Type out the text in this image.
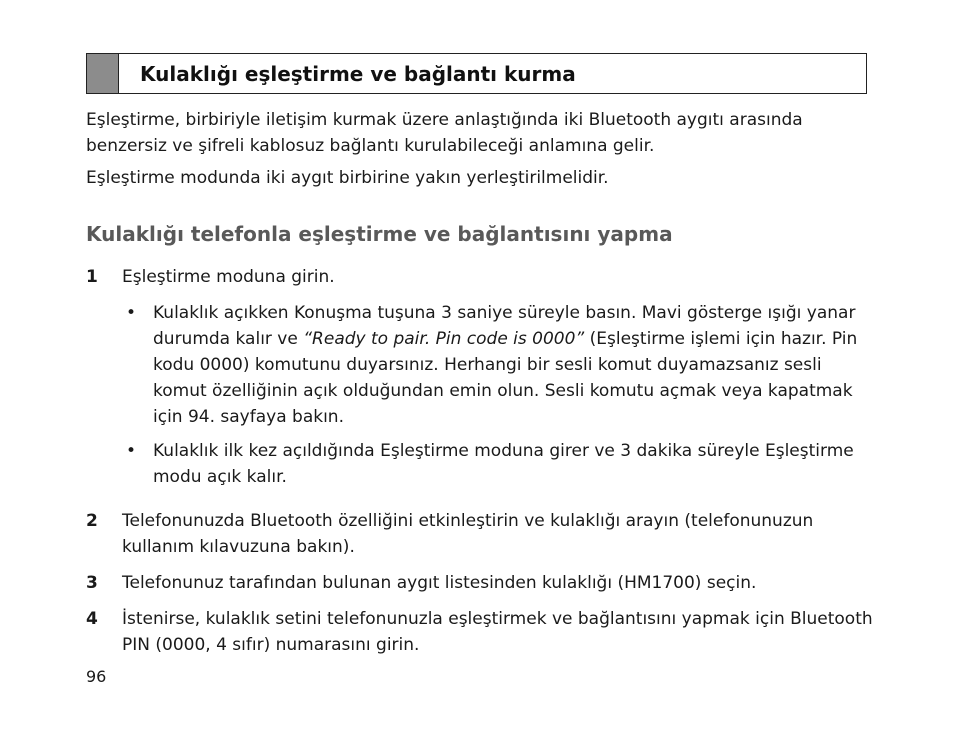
Kulaklığı eşleştirme ve bağlantı kurma

Eşleştirme, birbiriyle iletişim kurmak üzere anlaştığında iki Bluetooth aygıtı arasında benzersiz ve şifreli kablosuz bağlantı kurulabileceği anlamına gelir.

Eşleştirme modunda iki aygıt birbirine yakın yerleştirilmelidir.

Kulaklığı telefonla eşleştirme ve bağlantısını yapma
1	Eşleştirme moduna girin.
• Kulaklık açıkken Konuşma tuşuna 3 saniye süreyle basın. Mavi gösterge ışığı yanar durumda kalır ve “Ready to pair. Pin code is 0000” (Eşleştirme işlemi için hazır. Pin kodu 0000) komutunu duyarsınız. Herhangi bir sesli komut duyamazsanız sesli komut özelliğinin açık olduğundan emin olun. Sesli komutu açmak veya kapatmak için 94. sayfaya bakın.
• Kulaklık ilk kez açıldığında Eşleştirme moduna girer ve 3 dakika süreyle Eşleştirme modu açık kalır.
2	Telefonunuzda Bluetooth özelliğini etkinleştirin ve kulaklığı arayın (telefonunuzun kullanım kılavuzuna bakın).
3	Telefonunuz tarafından bulunan aygıt listesinden kulaklığı (HM1700) seçin.
4	İstenirse, kulaklık setini telefonunuzla eşleştirmek ve bağlantısını yapmak için Bluetooth PIN (0000, 4 sıfır) numarasını girin.
96
